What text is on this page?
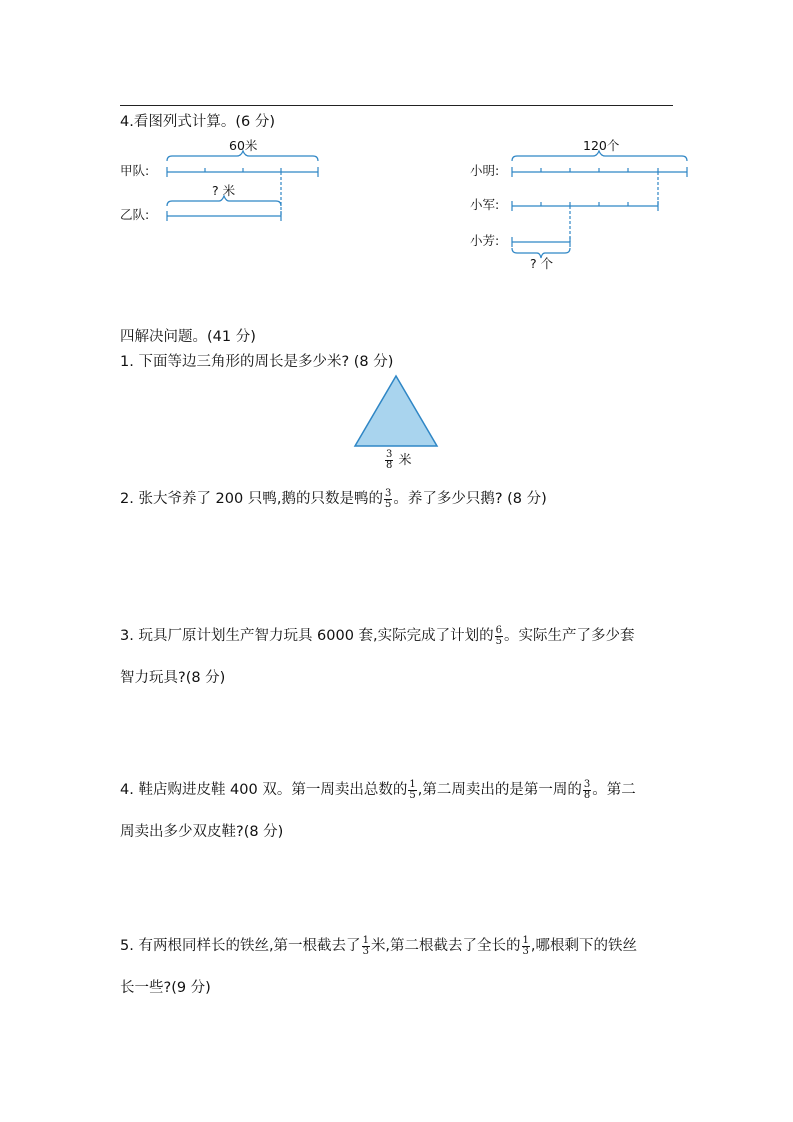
4.看图列式计算。(6 分)
60米
甲队:
? 米
乙队:
120个
小明:
小军:
小芳:
? 个
四解决问题。(41 分)
1. 下面等边三角形的周长是多少米? (8 分)
$\frac{3}{8}$ 米
2. 张大爷养了 200 只鸭,鹅的只数是鸭的 $\frac{3}{5}$ 。养了多少只鹅? (8 分)
3. 玩具厂原计划生产智力玩具 6000 套,实际完成了计划的 $\frac{6}{5}$ 。实际生产了多少套
智力玩具?(8 分)
4. 鞋店购进皮鞋 400 双。第一周卖出总数的 $\frac{1}{5}$ ,第二周卖出的是第一周的 $\frac{3}{8}$ 。第二
周卖出多少双皮鞋?(8 分)
5. 有两根同样长的铁丝,第一根截去了 $\frac{1}{3}$ 米,第二根截去了全长的 $\frac{1}{3}$ ,哪根剩下的铁丝
长一些?(9 分)
